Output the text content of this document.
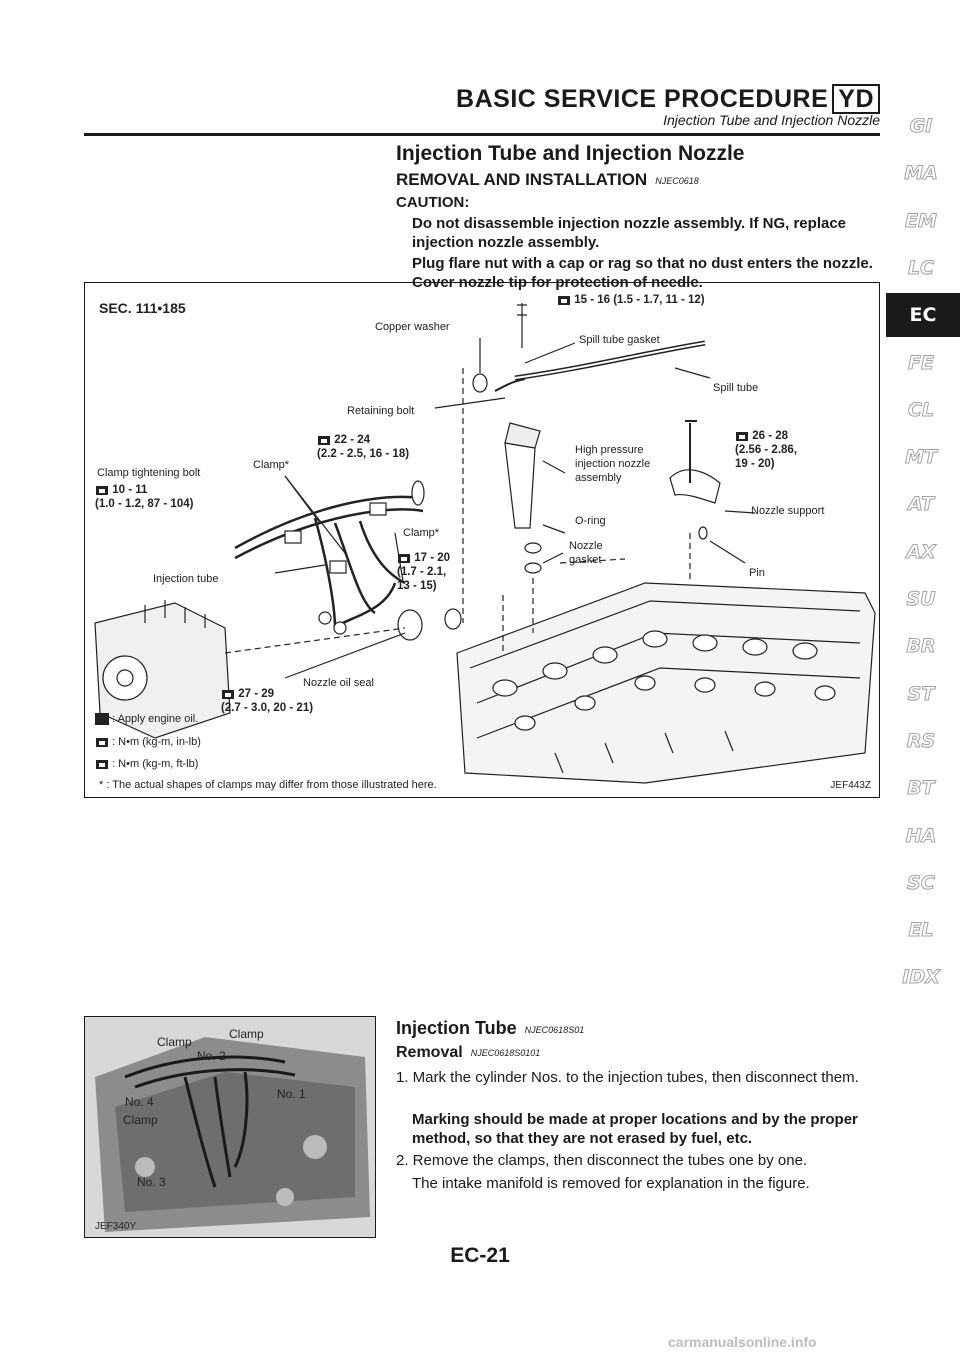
BASIC SERVICE PROCEDURE YD
Injection Tube and Injection Nozzle	GI
MA
EM
LC
EC
FE
CL
MT
AT
AX
SU
BR
ST
RS
BT
HA
SC
EL
IDX
Injection Tube and Injection Nozzle
REMOVAL AND INSTALLATION NJEC0618
CAUTION:
Do not disassemble injection nozzle assembly. If NG, replace injection nozzle assembly.
Plug flare nut with a cap or rag so that no dust enters the nozzle. Cover nozzle tip for protection of needle.
SEC. 111•185	15 - 16 (1.5 - 1.7, 11 - 12)
Copper washer
Spill tube gasket
Spill tube
Retaining bolt
22 - 24
(2.2 - 2.5, 16 - 18)
Clamp*
Clamp tightening bolt
10 - 11
(1.0 - 1.2, 87 - 104)
High pressure
injection nozzle
assembly
26 - 28
(2.56 - 2.86,
19 - 20)
O-ring
Nozzle support
Clamp*
Nozzle
gasket
Pin
17 - 20
(1.7 - 2.1,
13 - 15)
Injection tube
Nozzle oil seal
27 - 29
(2.7 - 3.0, 20 - 21)
: Apply engine oil.
: N•m (kg-m, in-lb)
: N•m (kg-m, ft-lb)
* : The actual shapes of clamps may differ from those illustrated here.	JEF443Z
Clamp
Clamp
No. 2
No. 4
No. 1
Clamp
No. 3
JEF340Y
Injection Tube NJEC0618S01
Removal NJEC0618S0101
1. Mark the cylinder Nos. to the injection tubes, then disconnect them.
Marking should be made at proper locations and by the proper method, so that they are not erased by fuel, etc.
2. Remove the clamps, then disconnect the tubes one by one.
The intake manifold is removed for explanation in the figure.
EC-21
carmanualsonline.info
